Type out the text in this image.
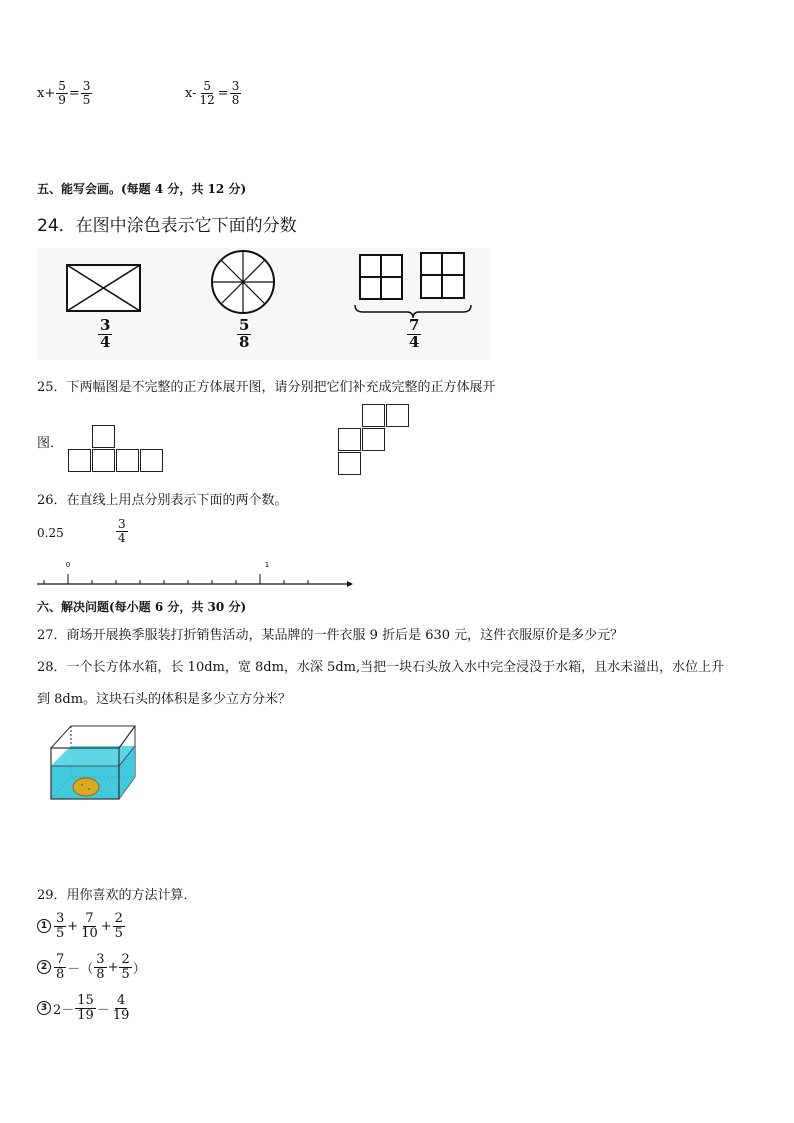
$x+ \frac{5}{9} = \frac{3}{5}$	$x- \frac{5}{12} = \frac{3}{8}$
五、能写会画。(每题 4 分，共 12 分)
24．在图中涂色表示它下面的分数
$\frac{3}{4}$	$\frac{5}{8}$	$\frac{7}{4}$
25．下两幅图是不完整的正方体展开图，请分别把它们补充成完整的正方体展开
图．
26．在直线上用点分别表示下面的两个数。
0.25	$\frac{3}{4}$
0	1
六、解决问题(每小题 6 分，共 30 分)
27．商场开展换季服装打折销售活动，某品牌的一件衣服 9 折后是 630 元，这件衣服原价是多少元？
28．一个长方体水箱，长 10dm，宽 8dm，水深 5dm,当把一块石头放入水中完全浸没于水箱，且水未溢出，水位上升
到 8dm。这块石头的体积是多少立方分米？
29．用你喜欢的方法计算．
$1 \frac{3}{5} + \frac{7}{10} + \frac{2}{5}$
$2 \frac{7}{8}$ －（ $\frac{3}{8} + \frac{2}{5}$ ）
3 $2- \frac{15}{19} - \frac{4}{19}$
